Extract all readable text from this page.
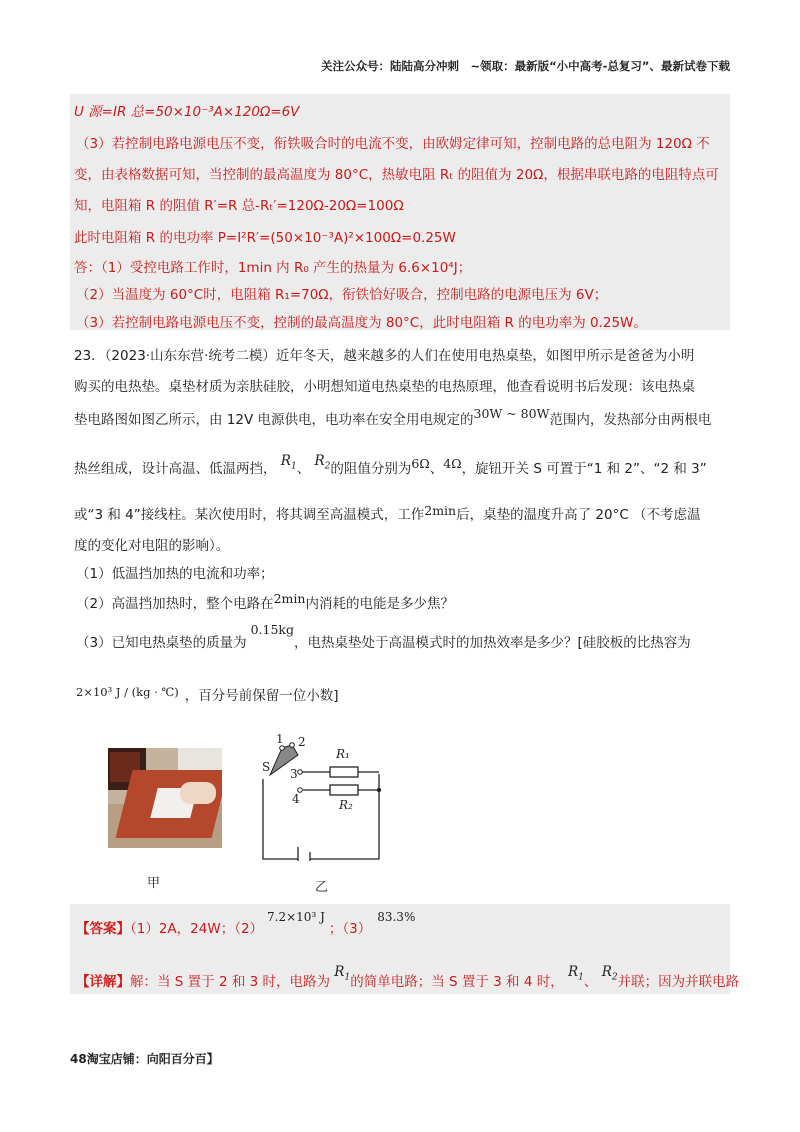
关注公众号：陆陆高分冲刺　~领取：最新版“小中高考-总复习”、最新试卷下载
U 源=IR 总=50×10⁻³A×120Ω=6V
（3）若控制电路电源电压不变，衔铁吸合时的电流不变，由欧姆定律可知，控制电路的总电阻为 120Ω 不
变，由表格数据可知，当控制的最高温度为 80°C，热敏电阻 Rₜ 的阻值为 20Ω，根据串联电路的电阻特点可
知，电阻箱 R 的阻值 R′=R 总-Rₜ′=120Ω-20Ω=100Ω
此时电阻箱 R 的电功率 P=I²R′=(50×10⁻³A)²×100Ω=0.25W
答：（1）受控电路工作时，1min 内 R₀ 产生的热量为 6.6×10⁴J；
（2）当温度为 60°C时，电阻箱 R₁=70Ω，衔铁恰好吸合，控制电路的电源电压为 6V；
（3）若控制电路电源电压不变，控制的最高温度为 80°C，此时电阻箱 R 的电功率为 0.25W。
23．（2023·山东东营·统考二模）近年冬天，越来越多的人们在使用电热桌垫，如图甲所示是爸爸为小明
购买的电热垫。桌垫材质为亲肤硅胶，小明想知道电热桌垫的电热原理，他查看说明书后发现：该电热桌
垫电路图如图乙所示，由 12V 电源供电，电功率在安全用电规定的30W ~ 80W范围内，发热部分由两根电
热丝组成，设计高温、低温两挡， $R_1$、 $R_2$的阻值分别为6Ω、4Ω，旋钮开关 S 可置于“1 和 2”、“2 和 3”
或“3 和 4”接线柱。某次使用时，将其调至高温模式，工作2min后，桌垫的温度升高了 20°C （不考虑温
度的变化对电阻的影响）。
（1）低温挡加热的电流和功率；
（2）高温挡加热时，整个电路在2min内消耗的电能是多少焦？
（3）已知电热桌垫的质量为0.15kg，电热桌垫处于高温模式时的加热效率是多少？[硅胶板的比热容为
2×10³ J / (kg · ℃) ，百分号前保留一位小数]
甲
1 2
3
4
S
R₁
R₂
乙
【答案】（1）2A，24W；（2）7.2×10³ J；（3）83.3%
【详解】解：当 S 置于 2 和 3 时，电路为 $R_1$的简单电路；当 S 置于 3 和 4 时， $R_1$、 $R_2$并联；因为并联电路
48淘宝店铺：向阳百分百】
